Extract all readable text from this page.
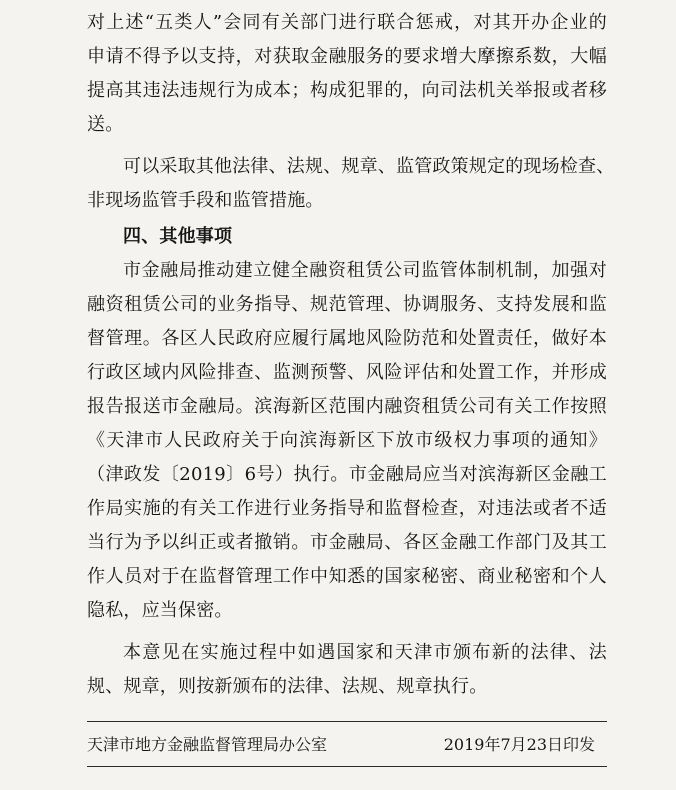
对上述“五类人”会同有关部门进行联合惩戒，对其开办企业的
申请不得予以支持，对获取金融服务的要求增大摩擦系数，大幅
提高其违法违规行为成本；构成犯罪的，向司法机关举报或者移
送。
可以采取其他法律、法规、规章、监管政策规定的现场检查、
非现场监管手段和监管措施。
四、其他事项
市金融局推动建立健全融资租赁公司监管体制机制，加强对
融资租赁公司的业务指导、规范管理、协调服务、支持发展和监
督管理。各区人民政府应履行属地风险防范和处置责任，做好本
行政区域内风险排查、监测预警、风险评估和处置工作，并形成
报告报送市金融局。滨海新区范围内融资租赁公司有关工作按照
《天津市人民政府关于向滨海新区下放市级权力事项的通知》
（津政发〔2019〕6号）执行。市金融局应当对滨海新区金融工
作局实施的有关工作进行业务指导和监督检查，对违法或者不适
当行为予以纠正或者撤销。市金融局、各区金融工作部门及其工
作人员对于在监督管理工作中知悉的国家秘密、商业秘密和个人
隐私，应当保密。
本意见在实施过程中如遇国家和天津市颁布新的法律、法
规、规章，则按新颁布的法律、法规、规章执行。
天津市地方金融监督管理局办公室	2019年7月23日印发
